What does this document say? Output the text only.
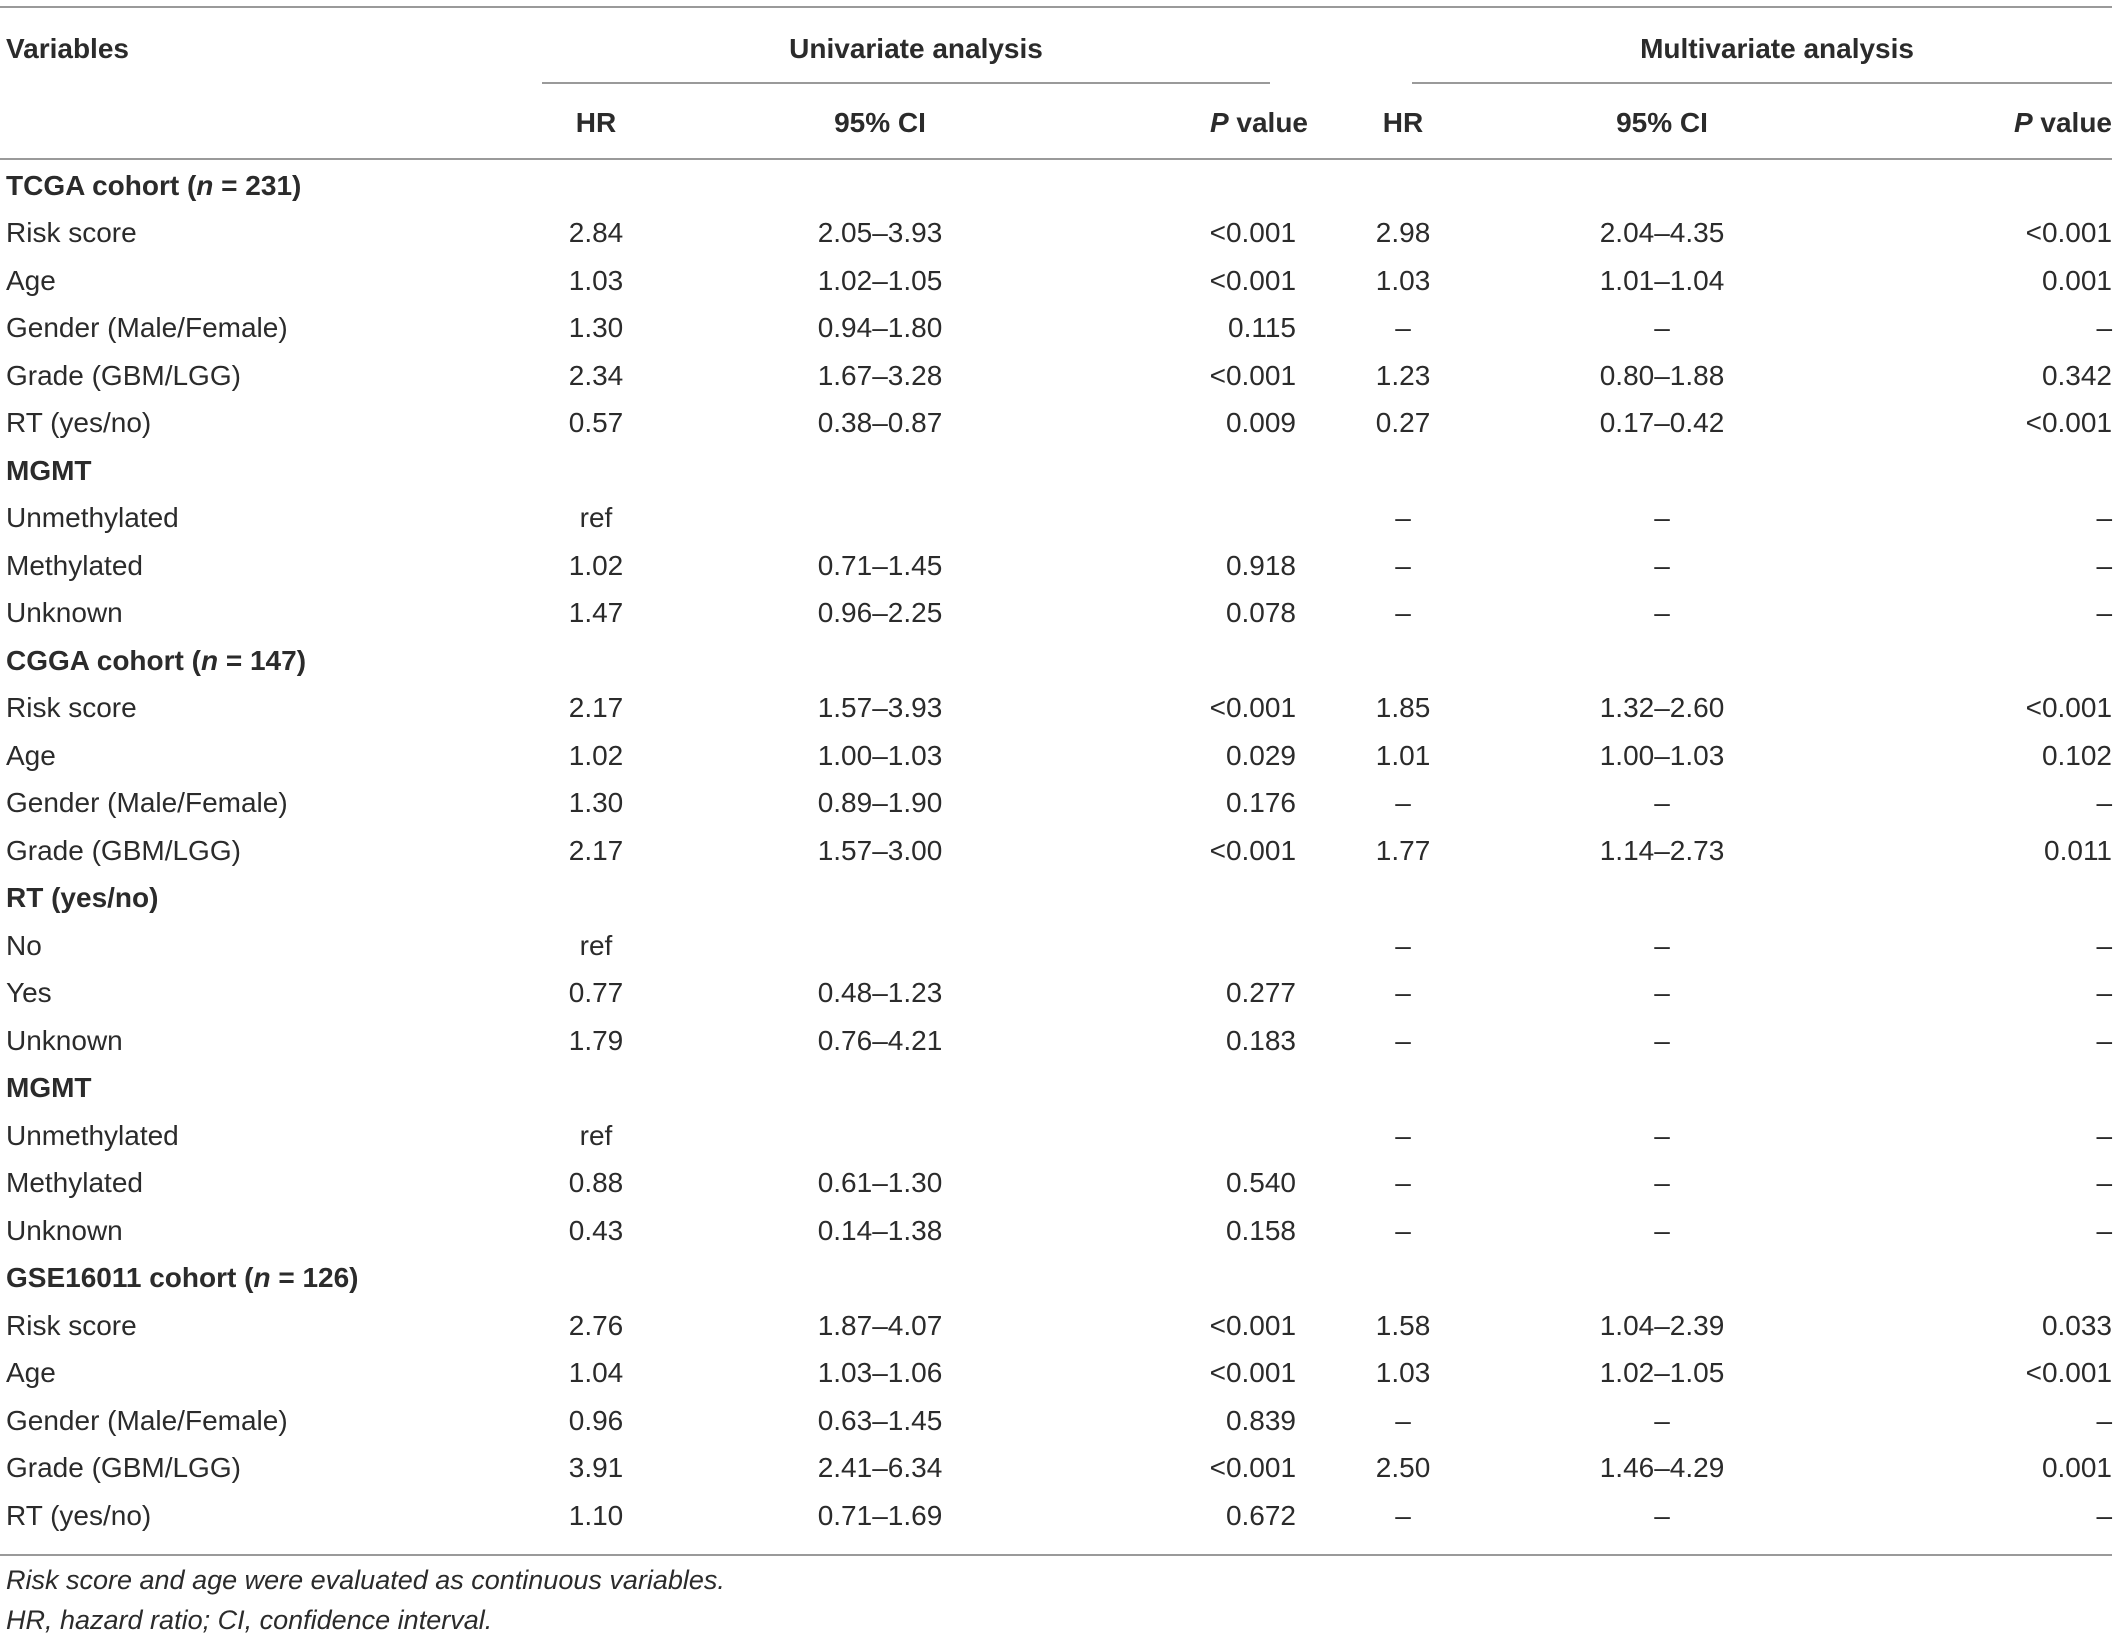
Variables	Univariate analysis			Multivariate analysis		
	HR	95% CI	P value	HR	95% CI	P value
TCGA cohort (n = 231)						
Risk score	2.84	2.05–3.93	<0.001	2.98	2.04–4.35	<0.001
Age	1.03	1.02–1.05	<0.001	1.03	1.01–1.04	0.001
Gender (Male/Female)	1.30	0.94–1.80	0.115	–	–	–
Grade (GBM/LGG)	2.34	1.67–3.28	<0.001	1.23	0.80–1.88	0.342
RT (yes/no)	0.57	0.38–0.87	0.009	0.27	0.17–0.42	<0.001
MGMT						
Unmethylated	ref			–	–	–
Methylated	1.02	0.71–1.45	0.918	–	–	–
Unknown	1.47	0.96–2.25	0.078	–	–	–
CGGA cohort (n = 147)						
Risk score	2.17	1.57–3.93	<0.001	1.85	1.32–2.60	<0.001
Age	1.02	1.00–1.03	0.029	1.01	1.00–1.03	0.102
Gender (Male/Female)	1.30	0.89–1.90	0.176	–	–	–
Grade (GBM/LGG)	2.17	1.57–3.00	<0.001	1.77	1.14–2.73	0.011
RT (yes/no)						
No	ref			–	–	–
Yes	0.77	0.48–1.23	0.277	–	–	–
Unknown	1.79	0.76–4.21	0.183	–	–	–
MGMT						
Unmethylated	ref			–	–	–
Methylated	0.88	0.61–1.30	0.540	–	–	–
Unknown	0.43	0.14–1.38	0.158	–	–	–
GSE16011 cohort (n = 126)						
Risk score	2.76	1.87–4.07	<0.001	1.58	1.04–2.39	0.033
Age	1.04	1.03–1.06	<0.001	1.03	1.02–1.05	<0.001
Gender (Male/Female)	0.96	0.63–1.45	0.839	–	–	–
Grade (GBM/LGG)	3.91	2.41–6.34	<0.001	2.50	1.46–4.29	0.001
RT (yes/no)	1.10	0.71–1.69	0.672	–	–	–
Risk score and age were evaluated as continuous variables.
HR, hazard ratio; CI, confidence interval.
